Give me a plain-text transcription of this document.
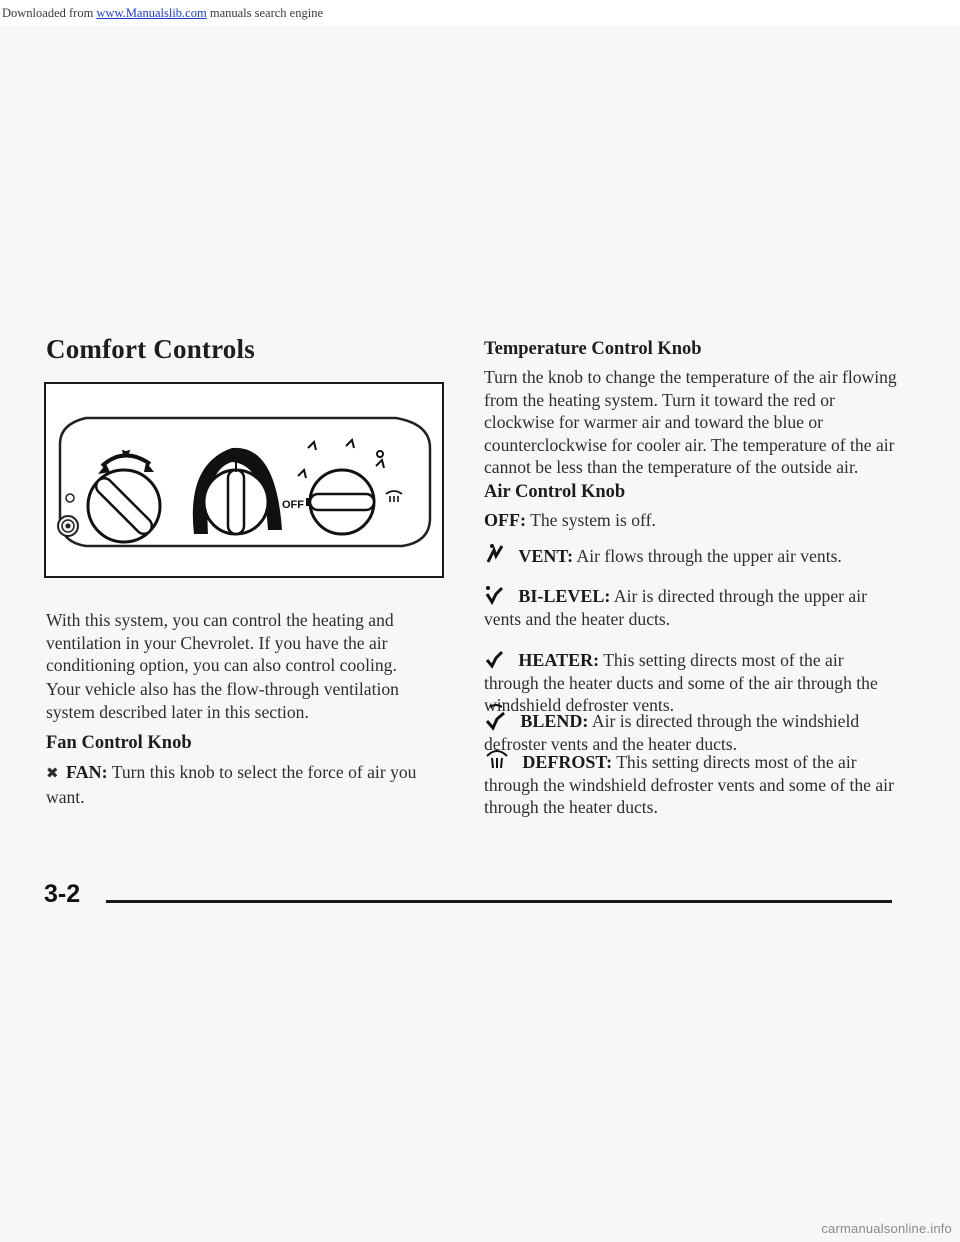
Downloaded from www.Manualslib.com manuals search engine
Comfort Controls
OFF

With this system, you can control the heating and ventilation in your Chevrolet. If you have the air conditioning option, you can also control cooling.

Your vehicle also has the flow-through ventilation system described later in this section.

Fan Control Knob

✖ FAN: Turn this knob to select the force of air you want.

Temperature Control Knob

Turn the knob to change the temperature of the air flowing from the heating system. Turn it toward the red or clockwise for warmer air and toward the blue or counterclockwise for cooler air. The temperature of the air cannot be less than the temperature of the outside air.

Air Control Knob

OFF: The system is off.

VENT: Air flows through the upper air vents.

BI-LEVEL: Air is directed through the upper air vents and the heater ducts.

HEATER: This setting directs most of the air through the heater ducts and some of the air through the windshield defroster vents.

BLEND: Air is directed through the windshield defroster vents and the heater ducts.

DEFROST: This setting directs most of the air through the windshield defroster vents and some of the air through the heater ducts.

3-2
carmanualsonline.info
